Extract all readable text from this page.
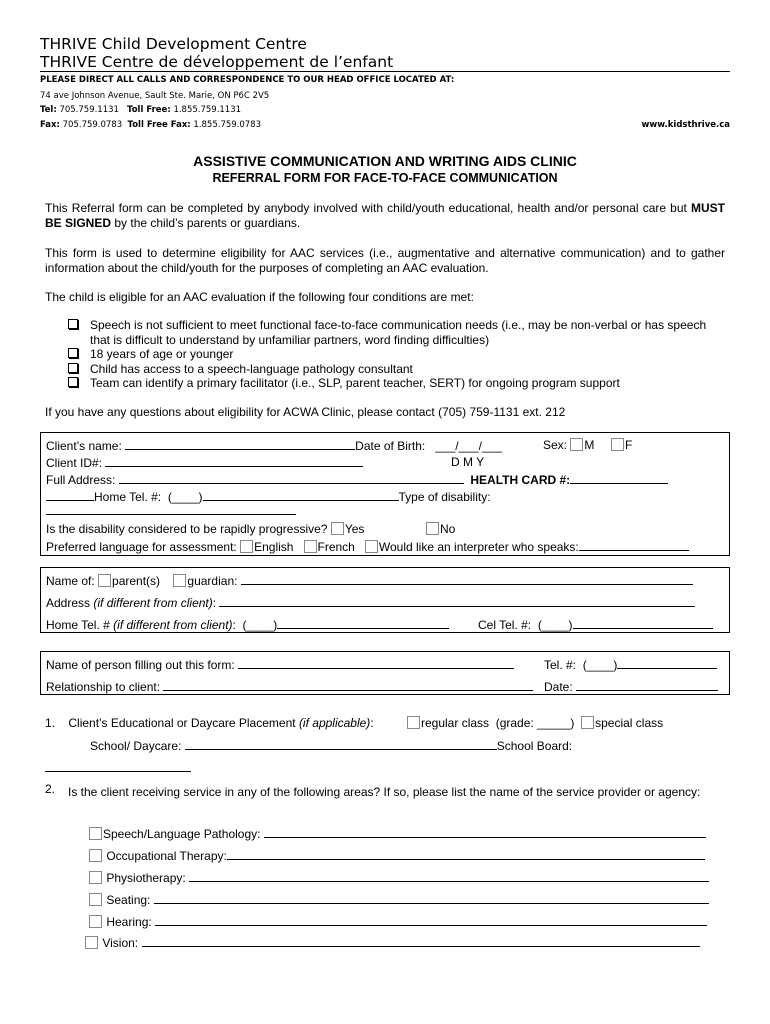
THRIVE Child Development Centre
THRIVE Centre de développement de l’enfant
PLEASE DIRECT ALL CALLS AND CORRESPONDENCE TO OUR HEAD OFFICE LOCATED AT:
74 ave Johnson Avenue, Sault Ste. Marie, ON P6C 2V5
Tel: 705.759.1131 Toll Free: 1.855.759.1131
Fax: 705.759.0783 Toll Free Fax: 1.855.759.0783	www.kidsthrive.ca
ASSISTIVE COMMUNICATION AND WRITING AIDS CLINIC
REFERRAL FORM FOR FACE-TO-FACE COMMUNICATION
This Referral form can be completed by anybody involved with child/youth educational, health and/or personal care but MUST BE SIGNED by the child’s parents or guardians.
This form is used to determine eligibility for AAC services (i.e., augmentative and alternative communication) and to gather information about the child/youth for the purposes of completing an AAC evaluation.
The child is eligible for an AAC evaluation if the following four conditions are met:
Speech is not sufficient to meet functional face-to-face communication needs (i.e., may be non-verbal or has speech that is difficult to understand by unfamiliar partners, word finding difficulties)
18 years of age or younger
Child has access to a speech-language pathology consultant
Team can identify a primary facilitator (i.e., SLP, parent teacher, SERT) for ongoing program support
If you have any questions about eligibility for ACWA Clinic, please contact (705) 759-1131 ext. 212
Client’s name:	Date of Birth: ___/___/___	Sex: M	F
Client ID#:	D M Y
Full Address:	HEALTH CARD #:
Home Tel. #: (____)	Type of disability:
Is the disability considered to be rapidly progressive? Yes	No
Preferred language for assessment: English French Would like an interpreter who speaks:
Name of: parent(s) guardian:
Address (if different from client):
Home Tel. # (if different from client):  (____)	Cel Tel. #: (____)
Name of person filling out this form:	Tel. #: (____)
Relationship to client:	Date:
1. Client’s Educational or Daycare Placement (if applicable):	regular class (grade: _____) special class
School/ Daycare:	School Board:
2. Is the client receiving service in any of the following areas? If so, please list the name of the service provider or agency:
Speech/Language Pathology:
Occupational Therapy:
Physiotherapy:
Seating:
Hearing:
Vision:
